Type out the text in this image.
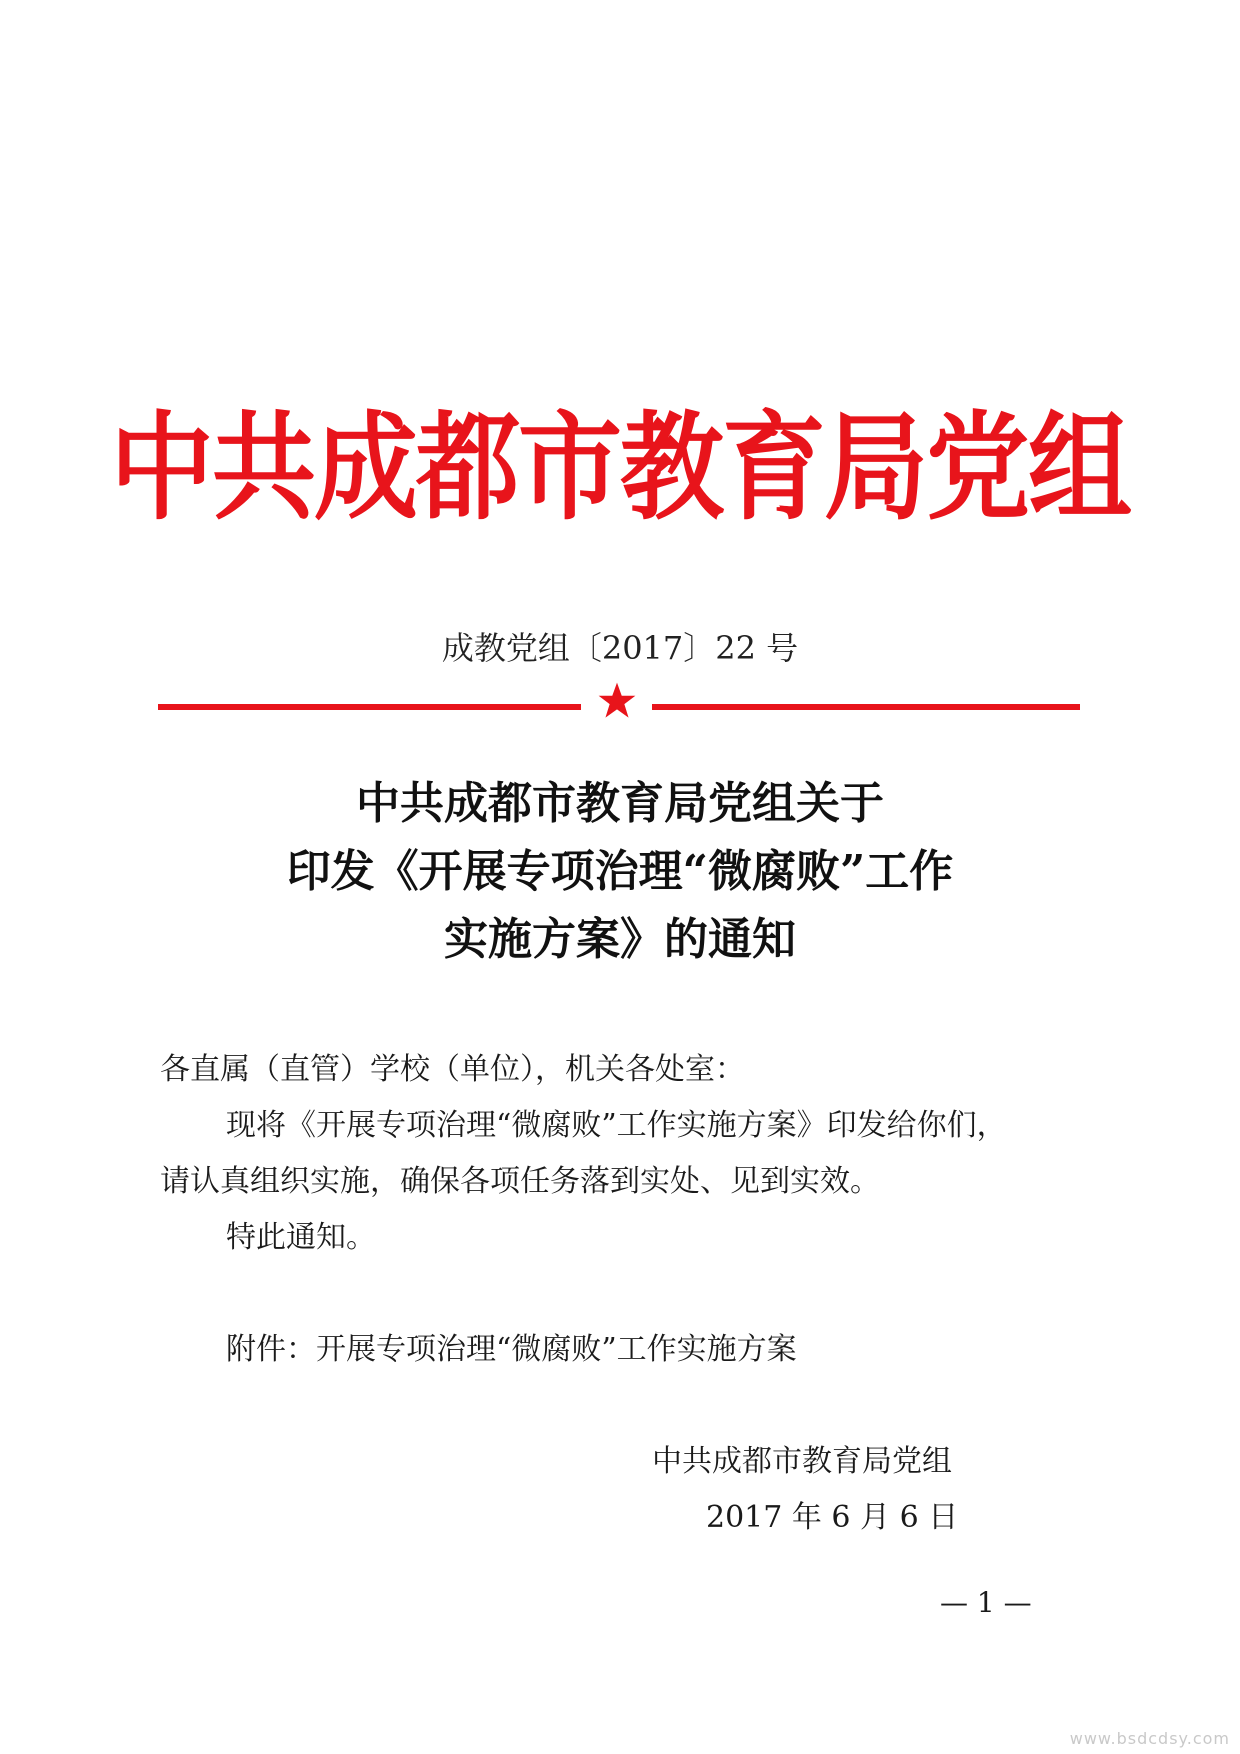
中共成都市教育局党组
成教党组〔2017〕22 号
中共成都市教育局党组关于
印发《开展专项治理“微腐败”工作
实施方案》的通知
各直属（直管）学校（单位），机关各处室：
现将《开展专项治理“微腐败”工作实施方案》印发给你们，
请认真组织实施，确保各项任务落到实处、见到实效。
特此通知。
附件：开展专项治理“微腐败”工作实施方案
中共成都市教育局党组
2017 年 6 月 6 日
— 1 —
www.bsdcdsy.com
